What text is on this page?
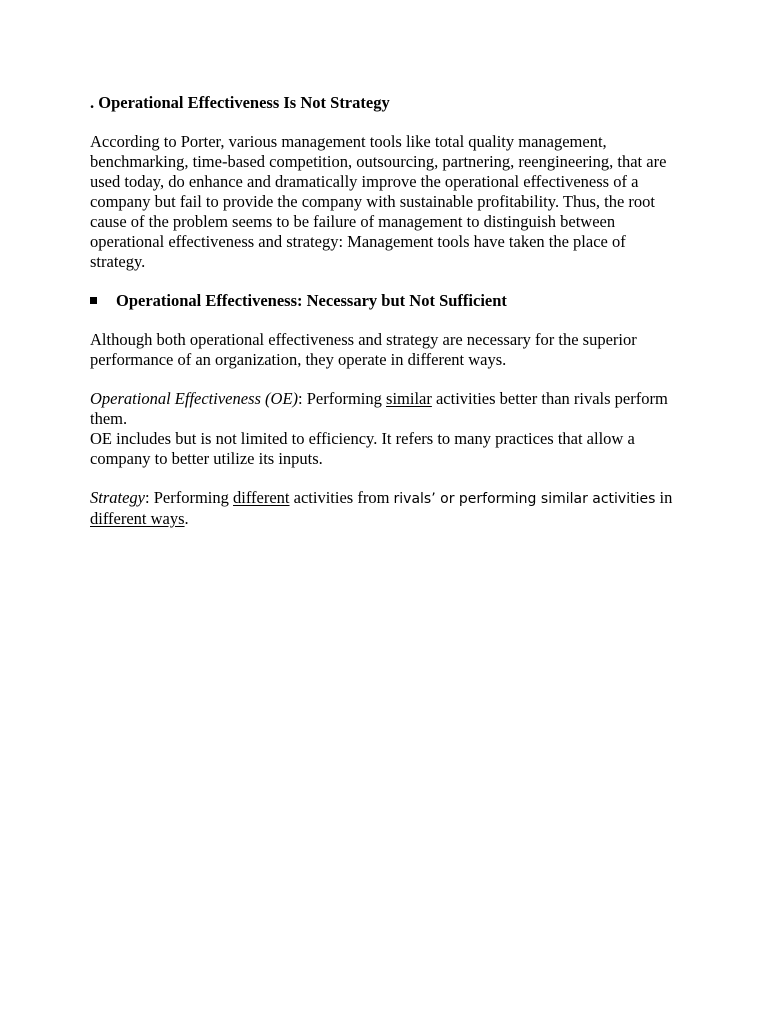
. Operational Effectiveness Is Not Strategy

According to Porter, various management tools like total quality management, benchmarking, time-based competition, outsourcing, partnering, reengineering, that are used today, do enhance and dramatically improve the operational effectiveness of a company but fail to provide the company with sustainable profitability. Thus, the root cause of the problem seems to be failure of management to distinguish between operational effectiveness and strategy: Management tools have taken the place of strategy.

Operational Effectiveness: Necessary but Not Sufficient

Although both operational effectiveness and strategy are necessary for the superior performance of an organization, they operate in different ways.

Operational Effectiveness (OE): Performing similar activities better than rivals perform them.

OE includes but is not limited to efficiency. It refers to many practices that allow a company to better utilize its inputs.

Strategy: Performing different activities from rivals’ or performing similar activities in different ways.
